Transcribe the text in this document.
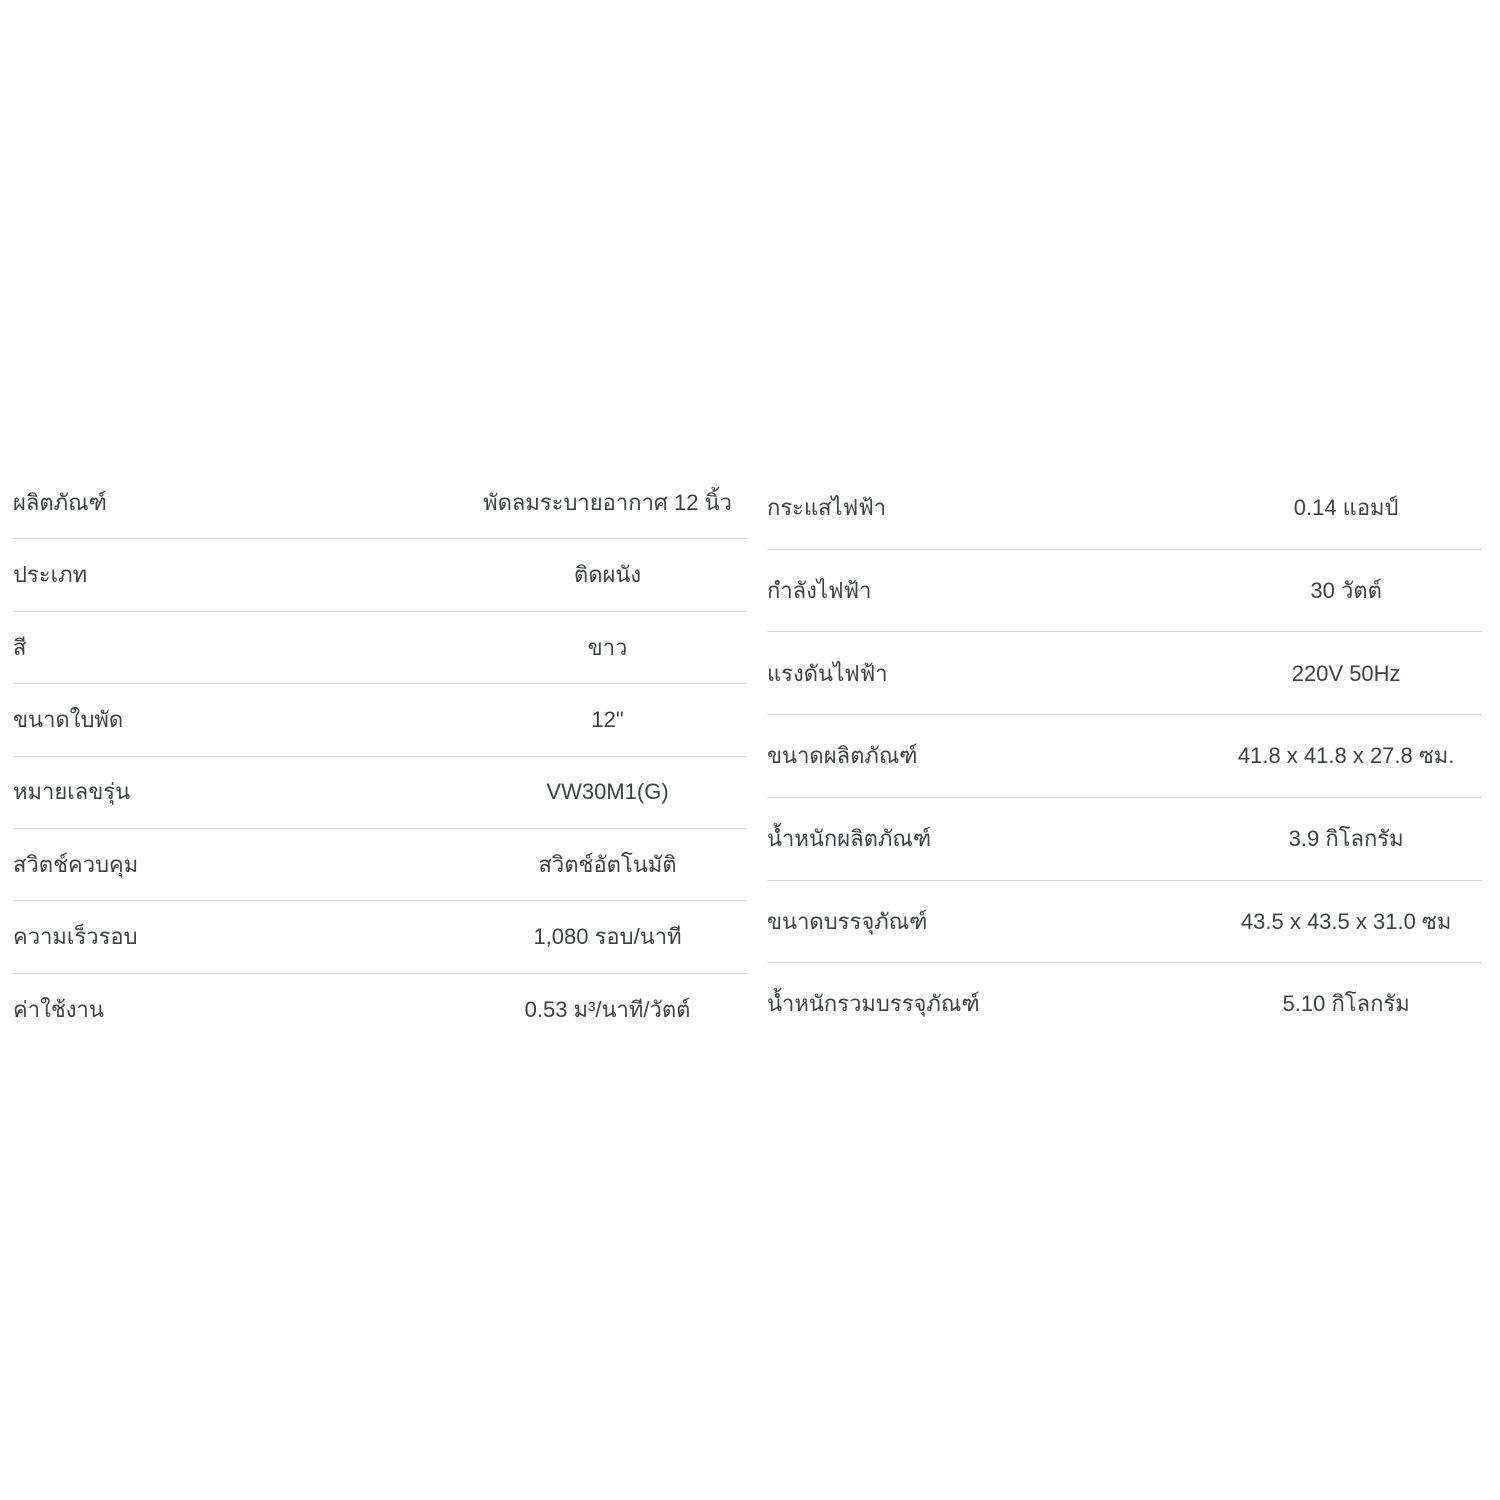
ผลิตภัณฑ์	พัดลมระบายอากาศ 12 นิ้ว
ประเภท	ติดผนัง
สี	ขาว
ขนาดใบพัด	12"
หมายเลขรุ่น	VW30M1(G)
สวิตช์ควบคุม	สวิตช์อัตโนมัติ
ความเร็วรอบ	1,080 รอบ/นาที
ค่าใช้งาน	0.53 ม³/นาที/วัตต์
กระแสไฟฟ้า	0.14 แอมป์
กำลังไฟฟ้า	30 วัตต์
แรงดันไฟฟ้า	220V 50Hz
ขนาดผลิตภัณฑ์	41.8 x 41.8 x 27.8 ซม.
น้ำหนักผลิตภัณฑ์	3.9 กิโลกรัม
ขนาดบรรจุภัณฑ์	43.5 x 43.5 x 31.0 ซม
น้ำหนักรวมบรรจุภัณฑ์	5.10 กิโลกรัม
